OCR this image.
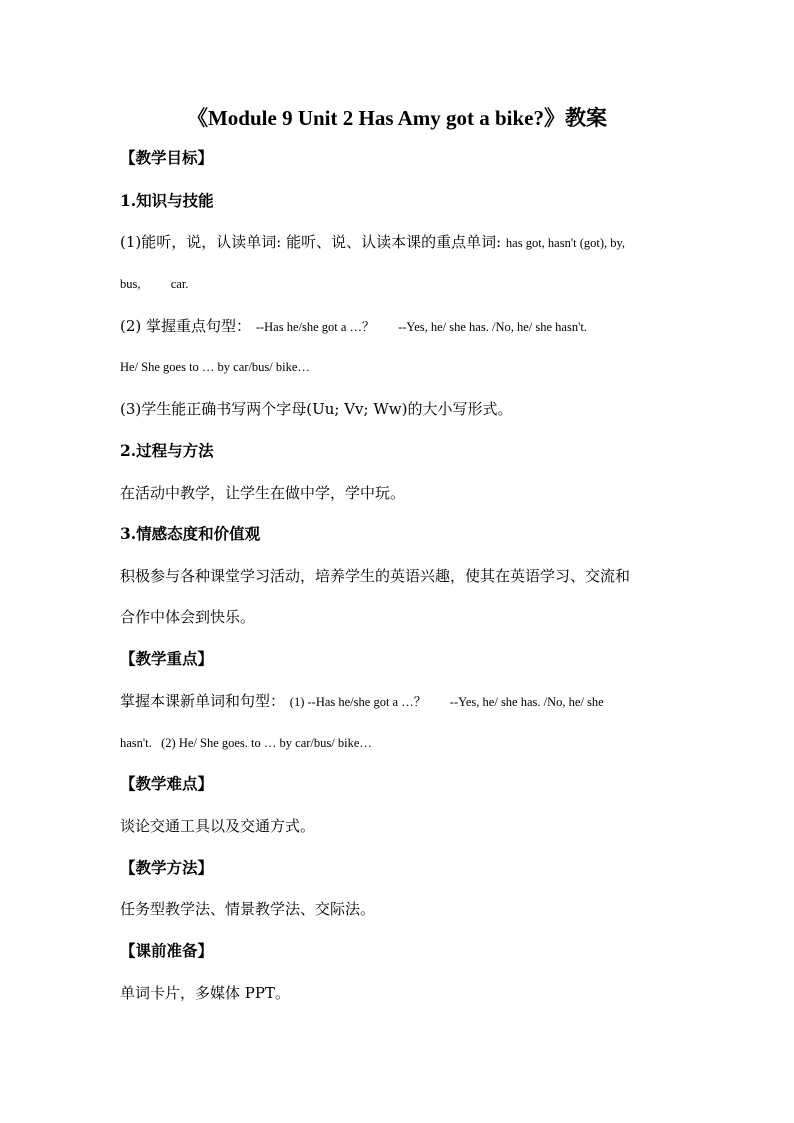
《Module 9 Unit 2 Has Amy got a bike?》教案
【教学目标】
1.知识与技能
(1)能听，说，认读单词: 能听、说、认读本课的重点单词: has got, hasn't (got), by,
bus, car.
(2) 掌握重点句型： --Has he/she got a …？ --Yes, he/ she has. /No, he/ she hasn't.
He/ She goes to … by car/bus/ bike…
(3)学生能正确书写两个字母(Uu; Vv; Ww)的大小写形式。
2.过程与方法
在活动中教学，让学生在做中学，学中玩。
3.情感态度和价值观
积极参与各种课堂学习活动，培养学生的英语兴趣，使其在英语学习、交流和
合作中体会到快乐。
【教学重点】
掌握本课新单词和句型： (1) --Has he/she got a …？ --Yes, he/ she has. /No, he/ she
hasn't.   (2) He/ She goes. to … by car/bus/ bike…
【教学难点】
谈论交通工具以及交通方式。
【教学方法】
任务型教学法、情景教学法、交际法。
【课前准备】
单词卡片，多媒体 PPT。
